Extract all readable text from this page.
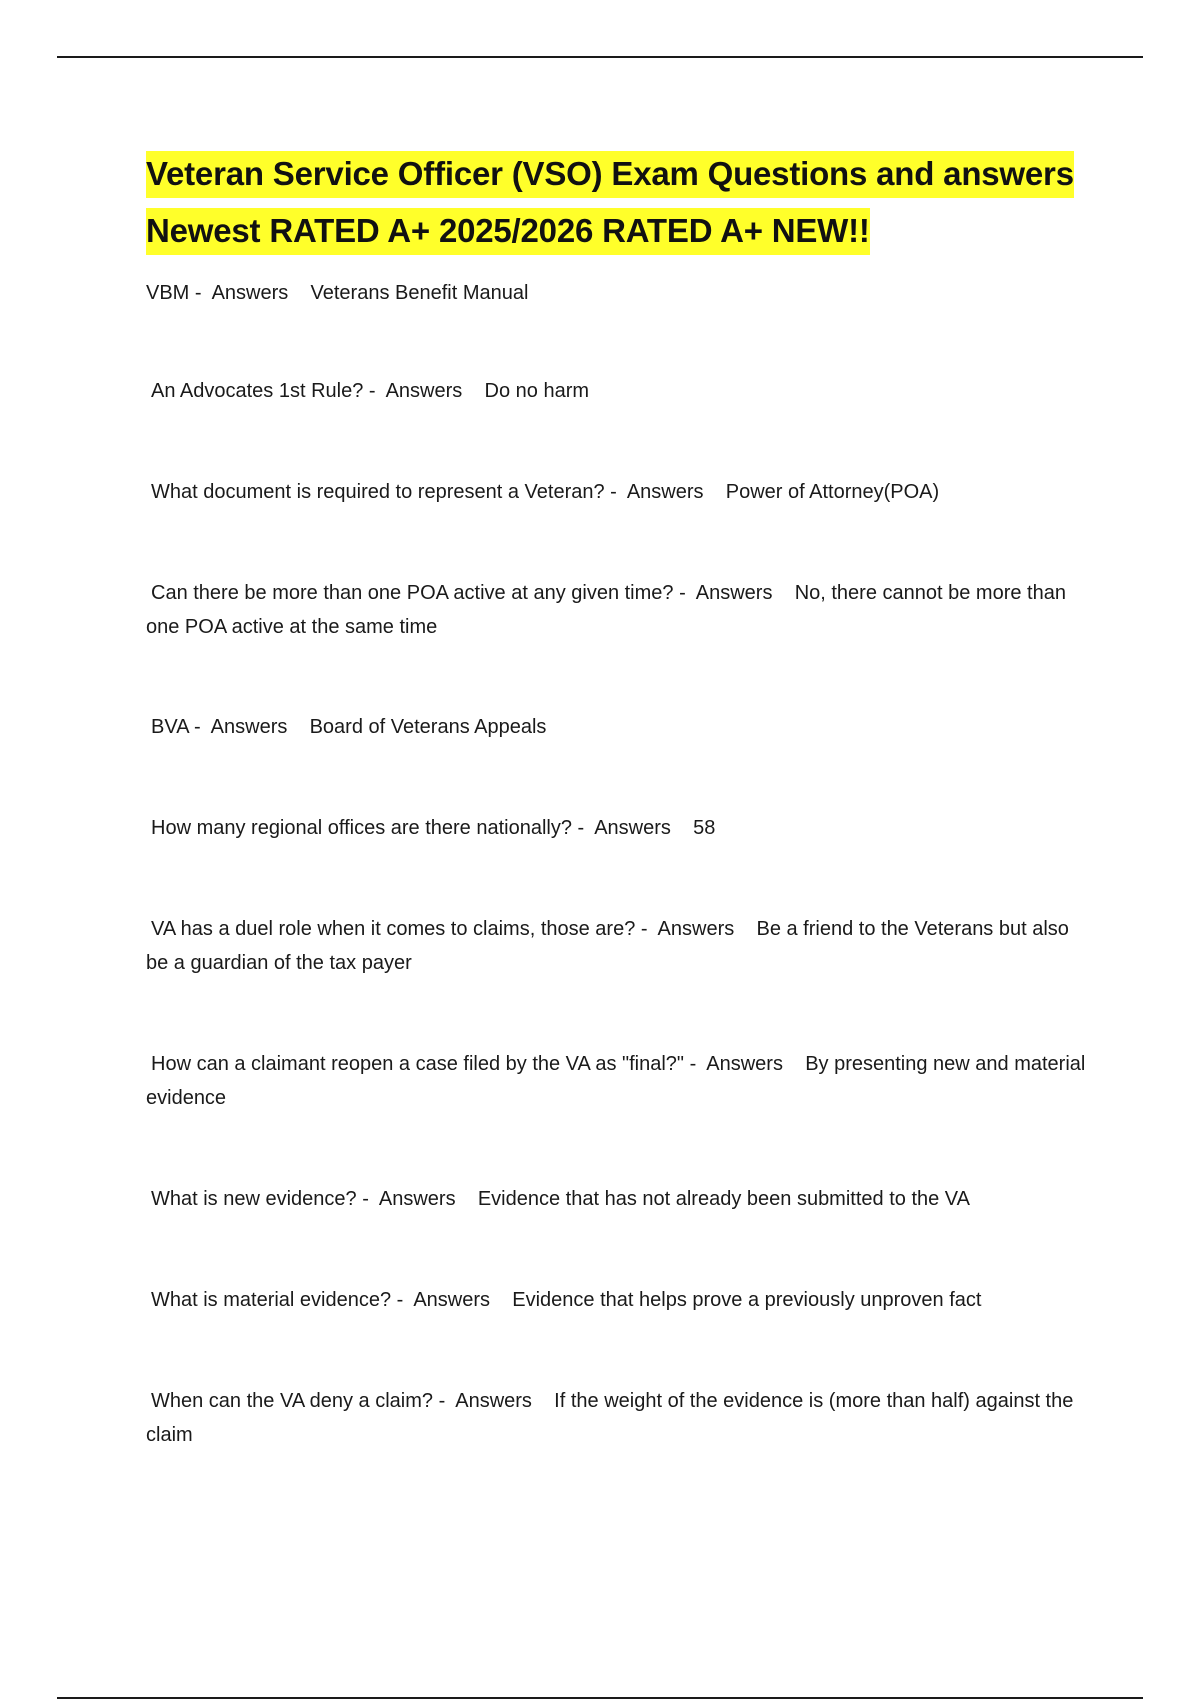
Veteran Service Officer (VSO) Exam Questions and answers Newest RATED A+ 2025/2026 RATED A+ NEW!!

VBM -  Answers    Veterans Benefit Manual

An Advocates 1st Rule? -  Answers    Do no harm

What document is required to represent a Veteran? -  Answers    Power of Attorney(POA)

Can there be more than one POA active at any given time? -  Answers    No, there cannot be more than one POA active at the same time

BVA -  Answers    Board of Veterans Appeals

How many regional offices are there nationally? -  Answers    58

VA has a duel role when it comes to claims, those are? -  Answers    Be a friend to the Veterans but also be a guardian of the tax payer

How can a claimant reopen a case filed by the VA as "final?" -  Answers    By presenting new and material evidence

What is new evidence? -  Answers    Evidence that has not already been submitted to the VA

What is material evidence? -  Answers    Evidence that helps prove a previously unproven fact

When can the VA deny a claim? -  Answers    If the weight of the evidence is (more than half) against the claim
